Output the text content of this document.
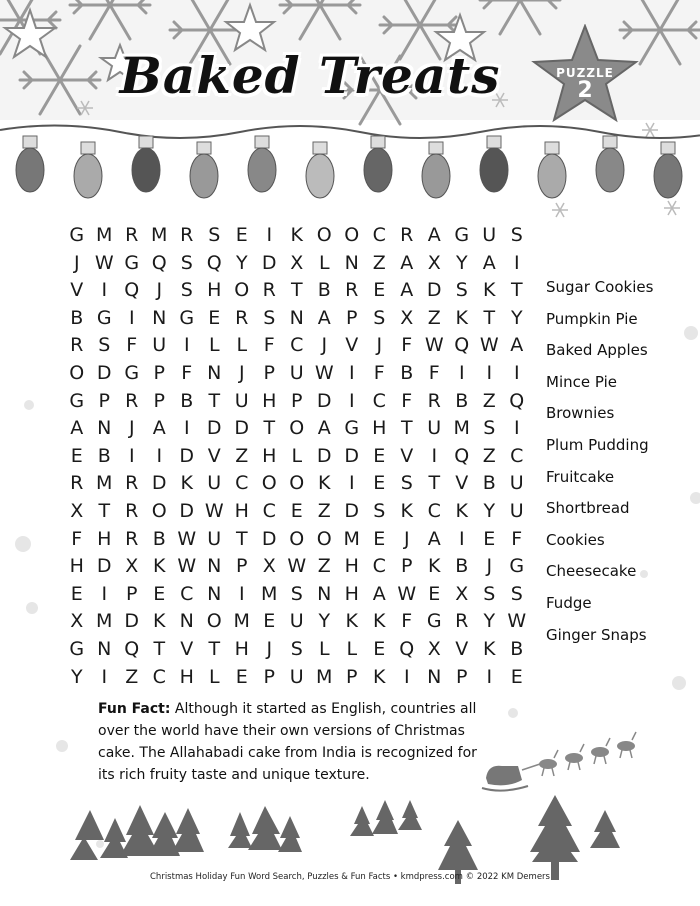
Baked Treats	PUZZLE
2
G M R M R S E I K O O C R A G U S
J W G Q S Q Y D X L N Z A X Y A I
V I Q J S H O R T B R E A D S K T
B G I N G E R S N A P S X Z K T Y
R S F U I	L L F C J V J	F W Q W A
O D G P F N J P U W I	F B F	I	I	I
G P R P B T U H P D I C F R B Z Q
A N J A I D D T O A G H T U M S I
E B I	I D V Z H L D D E V I Q Z C
R M R D K U C O O K I E S T V B U
X T R O D W H C E Z D S K C K Y U
F H R B W U T D O O M E J A I E F
H D X K W N P X W Z H C P K B J G
E I P E C N I M S N H A W E X S S
X M D K N O M E U Y K K F G R Y W
G N Q T V T H J S L L E Q X V K B
Y I Z C H L E P U M P K I N P I E
Sugar Cookies
Pumpkin Pie
Baked Apples
Mince Pie
Brownies
Plum Pudding
Fruitcake
Shortbread
Cookies
Cheesecake
Fudge
Ginger Snaps
Fun Fact: Although it started as English, countries all over the world have their own versions of Christmas cake. The Allahabadi cake from India is recognized for its rich fruity taste and unique texture.
Christmas Holiday Fun Word Search, Puzzles & Fun Facts • kmdpress.com © 2022 KM Demers
